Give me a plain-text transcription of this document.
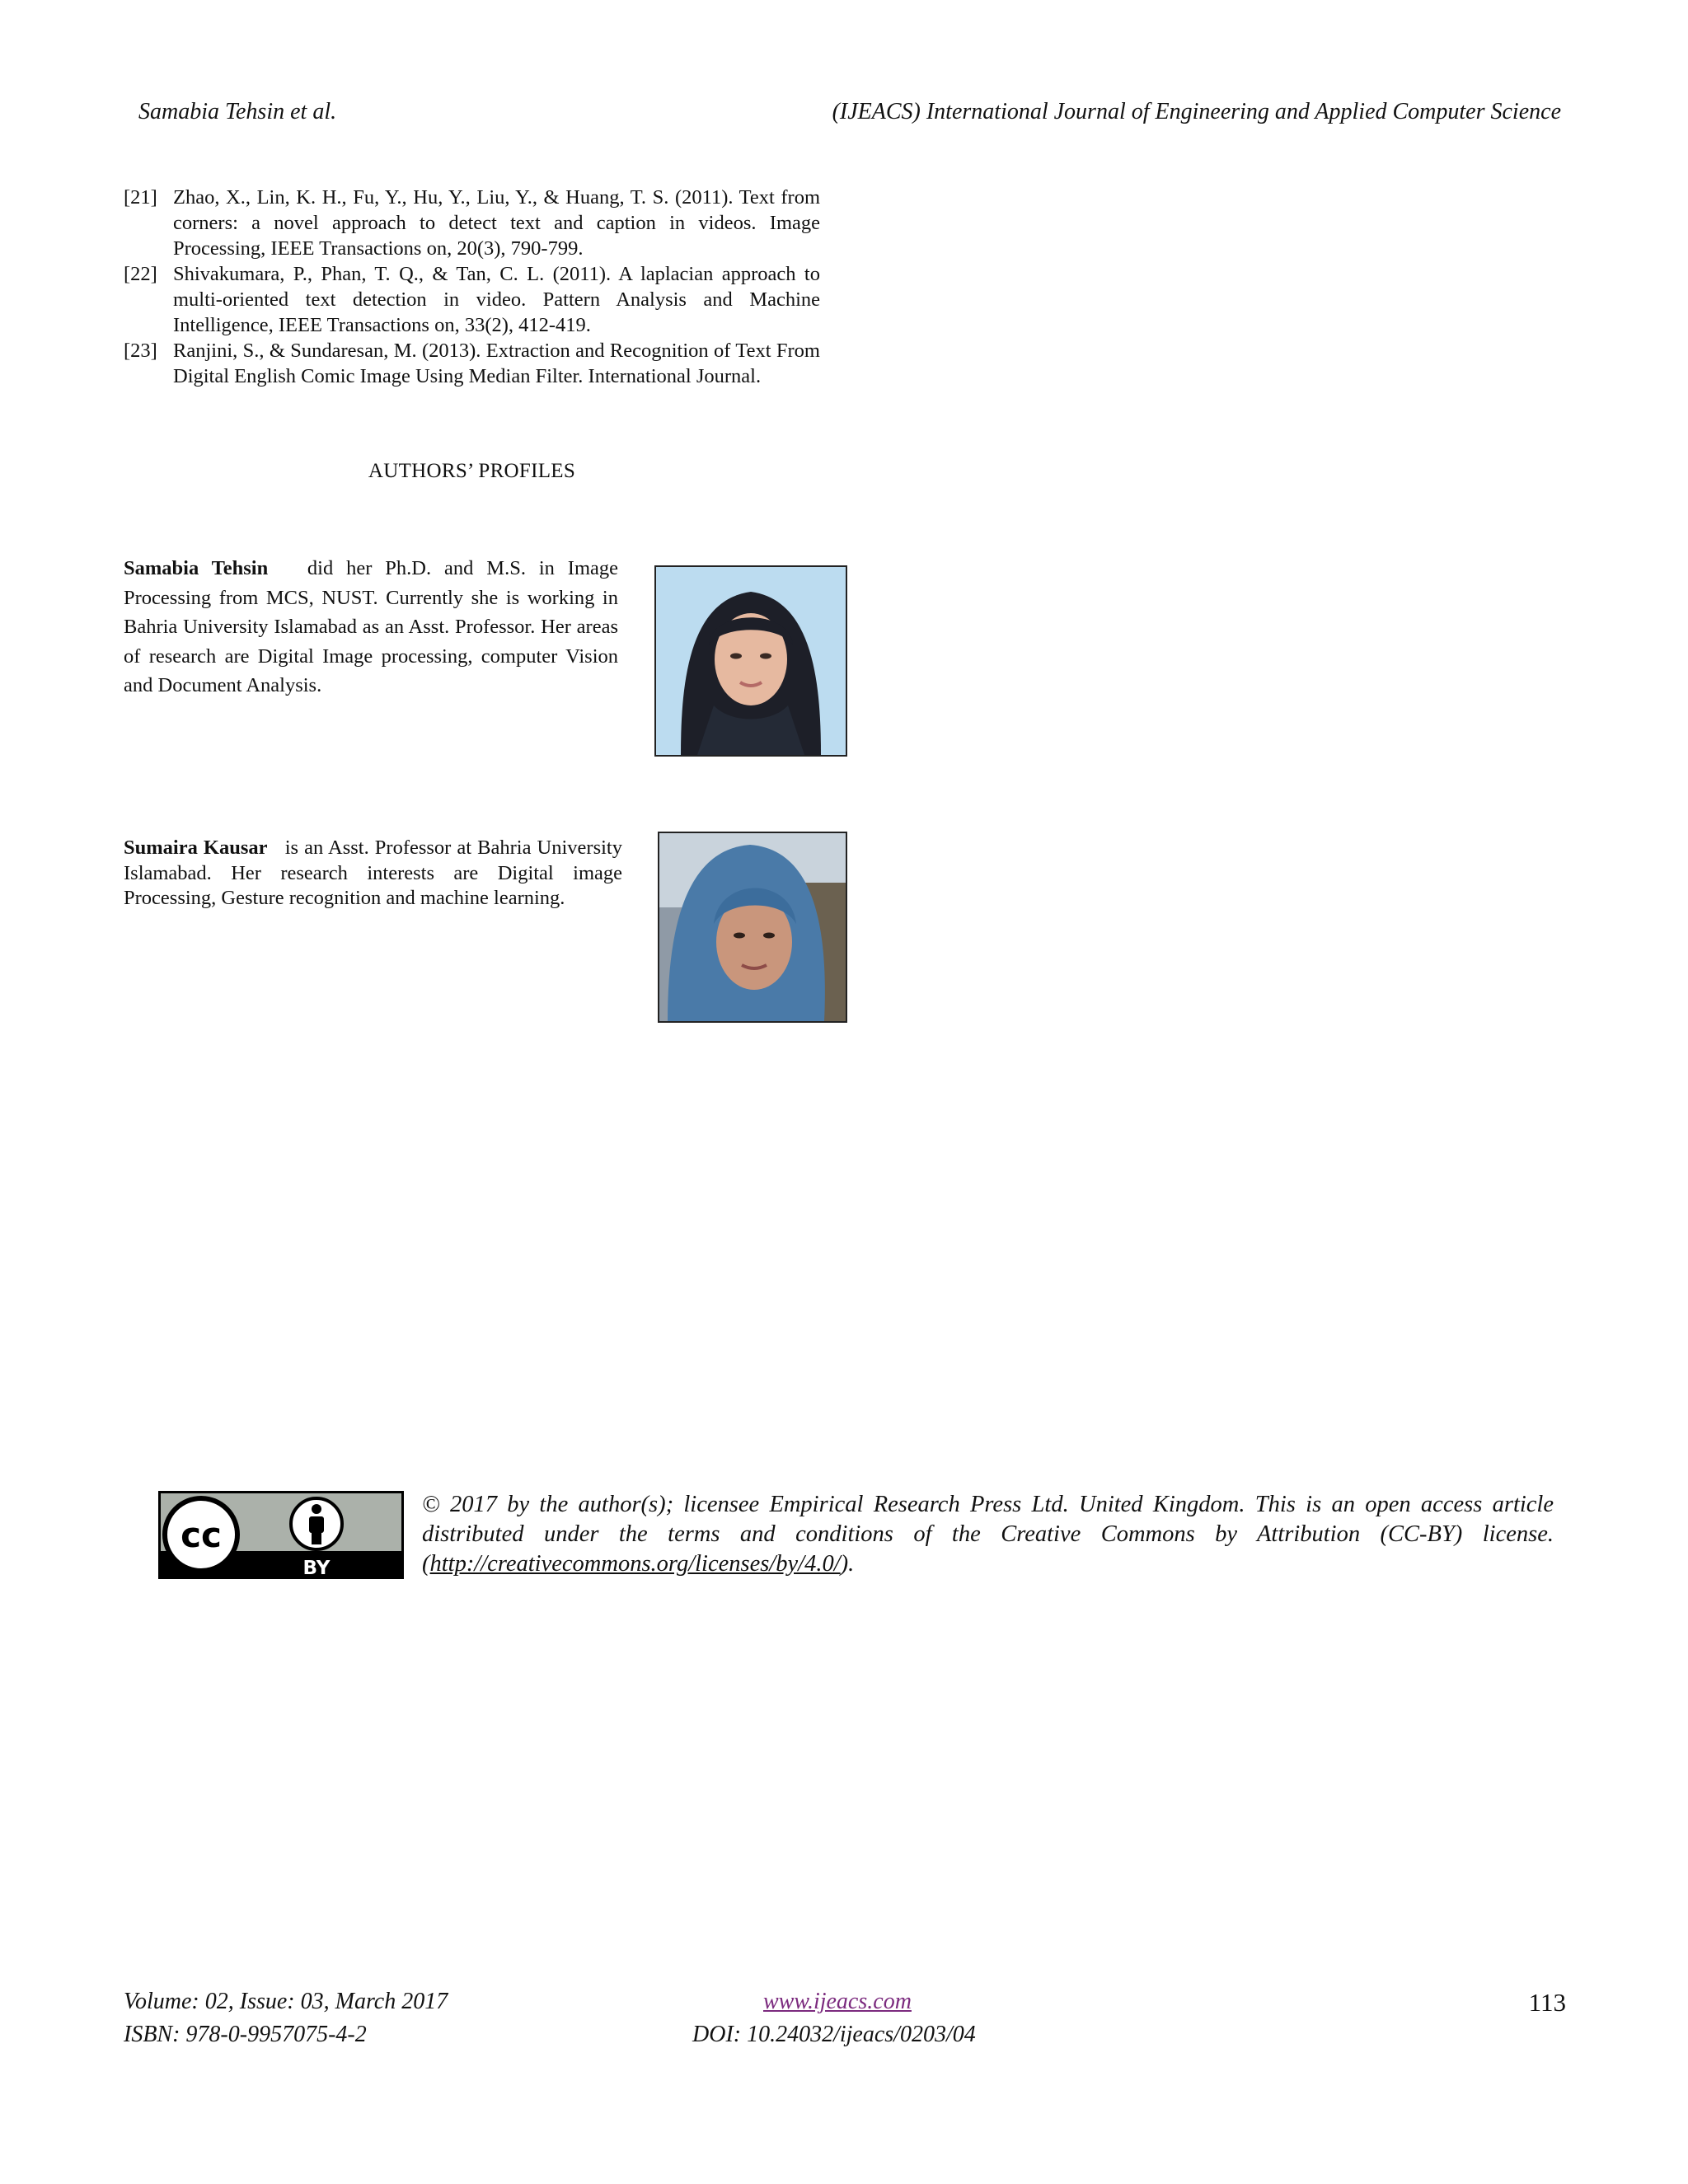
Samabia Tehsin et al.	(IJEACS) International Journal of Engineering and Applied Computer Science
[21] Zhao, X., Lin, K. H., Fu, Y., Hu, Y., Liu, Y., & Huang, T. S. (2011). Text from corners: a novel approach to detect text and caption in videos. Image Processing, IEEE Transactions on, 20(3), 790-799.
[22] Shivakumara, P., Phan, T. Q., & Tan, C. L. (2011). A laplacian approach to multi-oriented text detection in video. Pattern Analysis and Machine Intelligence, IEEE Transactions on, 33(2), 412-419.
[23] Ranjini, S., & Sundaresan, M. (2013). Extraction and Recognition of Text From Digital English Comic Image Using Median Filter. International Journal.
AUTHORS’ PROFILES
Samabia Tehsin did her Ph.D. and M.S. in Image Processing from MCS, NUST. Currently she is working in Bahria University Islamabad as an Asst. Professor. Her areas of research are Digital Image processing, computer Vision and Document Analysis.
Sumaira Kausar is an Asst. Professor at Bahria University Islamabad. Her research interests are Digital image Processing, Gesture recognition and machine learning.
cc
BY
© 2017 by the author(s); licensee Empirical Research Press Ltd. United Kingdom. This is an open access article distributed under the terms and conditions of the Creative Commons by Attribution (CC-BY) license. (http://creativecommons.org/licenses/by/4.0/).
Volume: 02, Issue: 03, March 2017
ISBN: 978-0-9957075-4-2
www.ijeacs.com
DOI: 10.24032/ijeacs/0203/04
113
